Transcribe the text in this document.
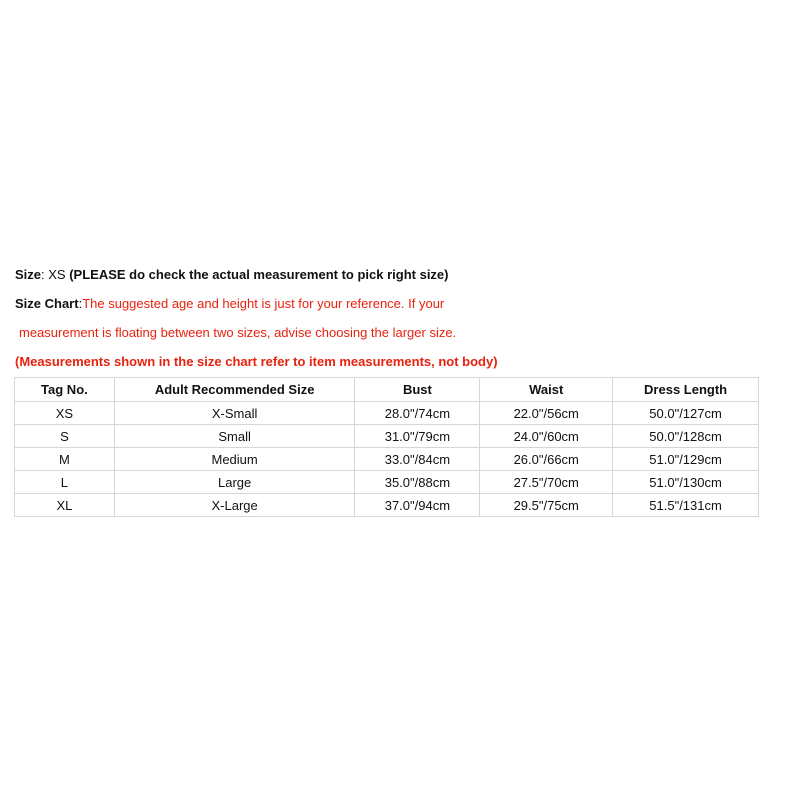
Size: XS (PLEASE do check the actual measurement to pick right size)
Size Chart:The suggested age and height is just for your reference. If your
measurement is floating between two sizes, advise choosing the larger size.
(Measurements shown in the size chart refer to item measurements, not body)
Tag No.	Adult Recommended Size	Bust	Waist	Dress Length
XS	X-Small	28.0"/74cm	22.0"/56cm	50.0"/127cm
S	Small	31.0"/79cm	24.0"/60cm	50.0"/128cm
M	Medium	33.0"/84cm	26.0"/66cm	51.0"/129cm
L	Large	35.0"/88cm	27.5"/70cm	51.0"/130cm
XL	X-Large	37.0"/94cm	29.5"/75cm	51.5"/131cm
